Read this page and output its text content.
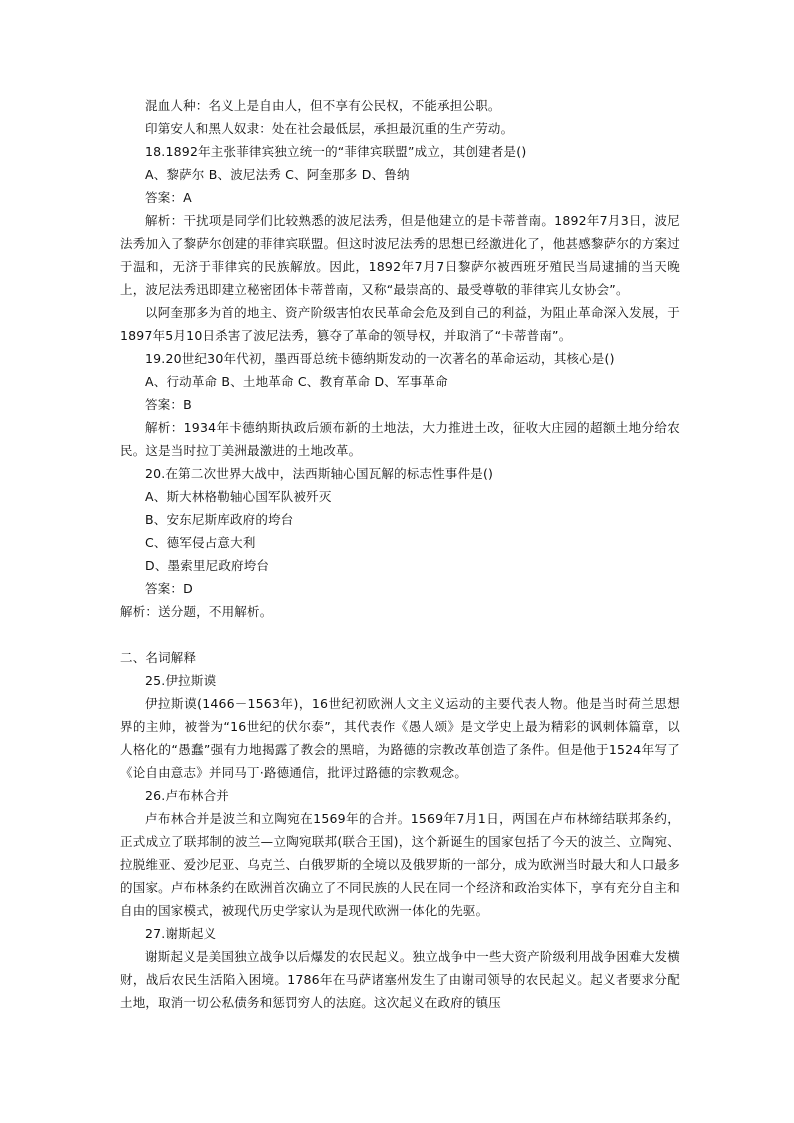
混血人种：名义上是自由人，但不享有公民权，不能承担公职。

印第安人和黑人奴隶：处在社会最低层，承担最沉重的生产劳动。

18.1892年主张菲律宾独立统一的“菲律宾联盟”成立，其创建者是()

A、黎萨尔 B、波尼法秀 C、阿奎那多 D、鲁纳

答案：A

解析：干扰项是同学们比较熟悉的波尼法秀，但是他建立的是卡蒂普南。1892年7月3日，波尼法秀加入了黎萨尔创建的菲律宾联盟。但这时波尼法秀的思想已经激进化了，他甚感黎萨尔的方案过于温和，无济于菲律宾的民族解放。因此，1892年7月7日黎萨尔被西班牙殖民当局逮捕的当天晚上，波尼法秀迅即建立秘密团体卡蒂普南，又称“最崇高的、最受尊敬的菲律宾儿女协会”。

以阿奎那多为首的地主、资产阶级害怕农民革命会危及到自己的利益，为阻止革命深入发展，于1897年5月10日杀害了波尼法秀，篡夺了革命的领导权，并取消了“卡蒂普南”。

19.20世纪30年代初，墨西哥总统卡德纳斯发动的一次著名的革命运动，其核心是()

A、行动革命 B、土地革命 C、教育革命 D、军事革命

答案：B

解析：1934年卡德纳斯执政后颁布新的土地法，大力推进土改，征收大庄园的超额土地分给农民。这是当时拉丁美洲最激进的土地改革。

20.在第二次世界大战中，法西斯轴心国瓦解的标志性事件是()

A、斯大林格勒轴心国军队被歼灭

B、安东尼斯库政府的垮台

C、德军侵占意大利

D、墨索里尼政府垮台

答案：D

解析：送分题，不用解析。

二、名词解释

25.伊拉斯谟

伊拉斯谟(1466－1563年)，16世纪初欧洲人文主义运动的主要代表人物。他是当时荷兰思想界的主帅，被誉为“16世纪的伏尔泰”，其代表作《愚人颂》是文学史上最为精彩的讽刺体篇章，以人格化的“愚蠢”强有力地揭露了教会的黑暗，为路德的宗教改革创造了条件。但是他于1524年写了《论自由意志》并同马丁·路德通信，批评过路德的宗教观念。

26.卢布林合并

卢布林合并是波兰和立陶宛在1569年的合并。1569年7月1日，两国在卢布林缔结联邦条约，正式成立了联邦制的波兰—立陶宛联邦(联合王国)，这个新诞生的国家包括了今天的波兰、立陶宛、拉脱维亚、爱沙尼亚、乌克兰、白俄罗斯的全境以及俄罗斯的一部分，成为欧洲当时最大和人口最多的国家。卢布林条约在欧洲首次确立了不同民族的人民在同一个经济和政治实体下，享有充分自主和自由的国家模式，被现代历史学家认为是现代欧洲一体化的先驱。

27.谢斯起义

谢斯起义是美国独立战争以后爆发的农民起义。独立战争中一些大资产阶级利用战争困难大发横财，战后农民生活陷入困境。1786年在马萨诸塞州发生了由谢司领导的农民起义。起义者要求分配土地，取消一切公私债务和惩罚穷人的法庭。这次起义在政府的镇压
